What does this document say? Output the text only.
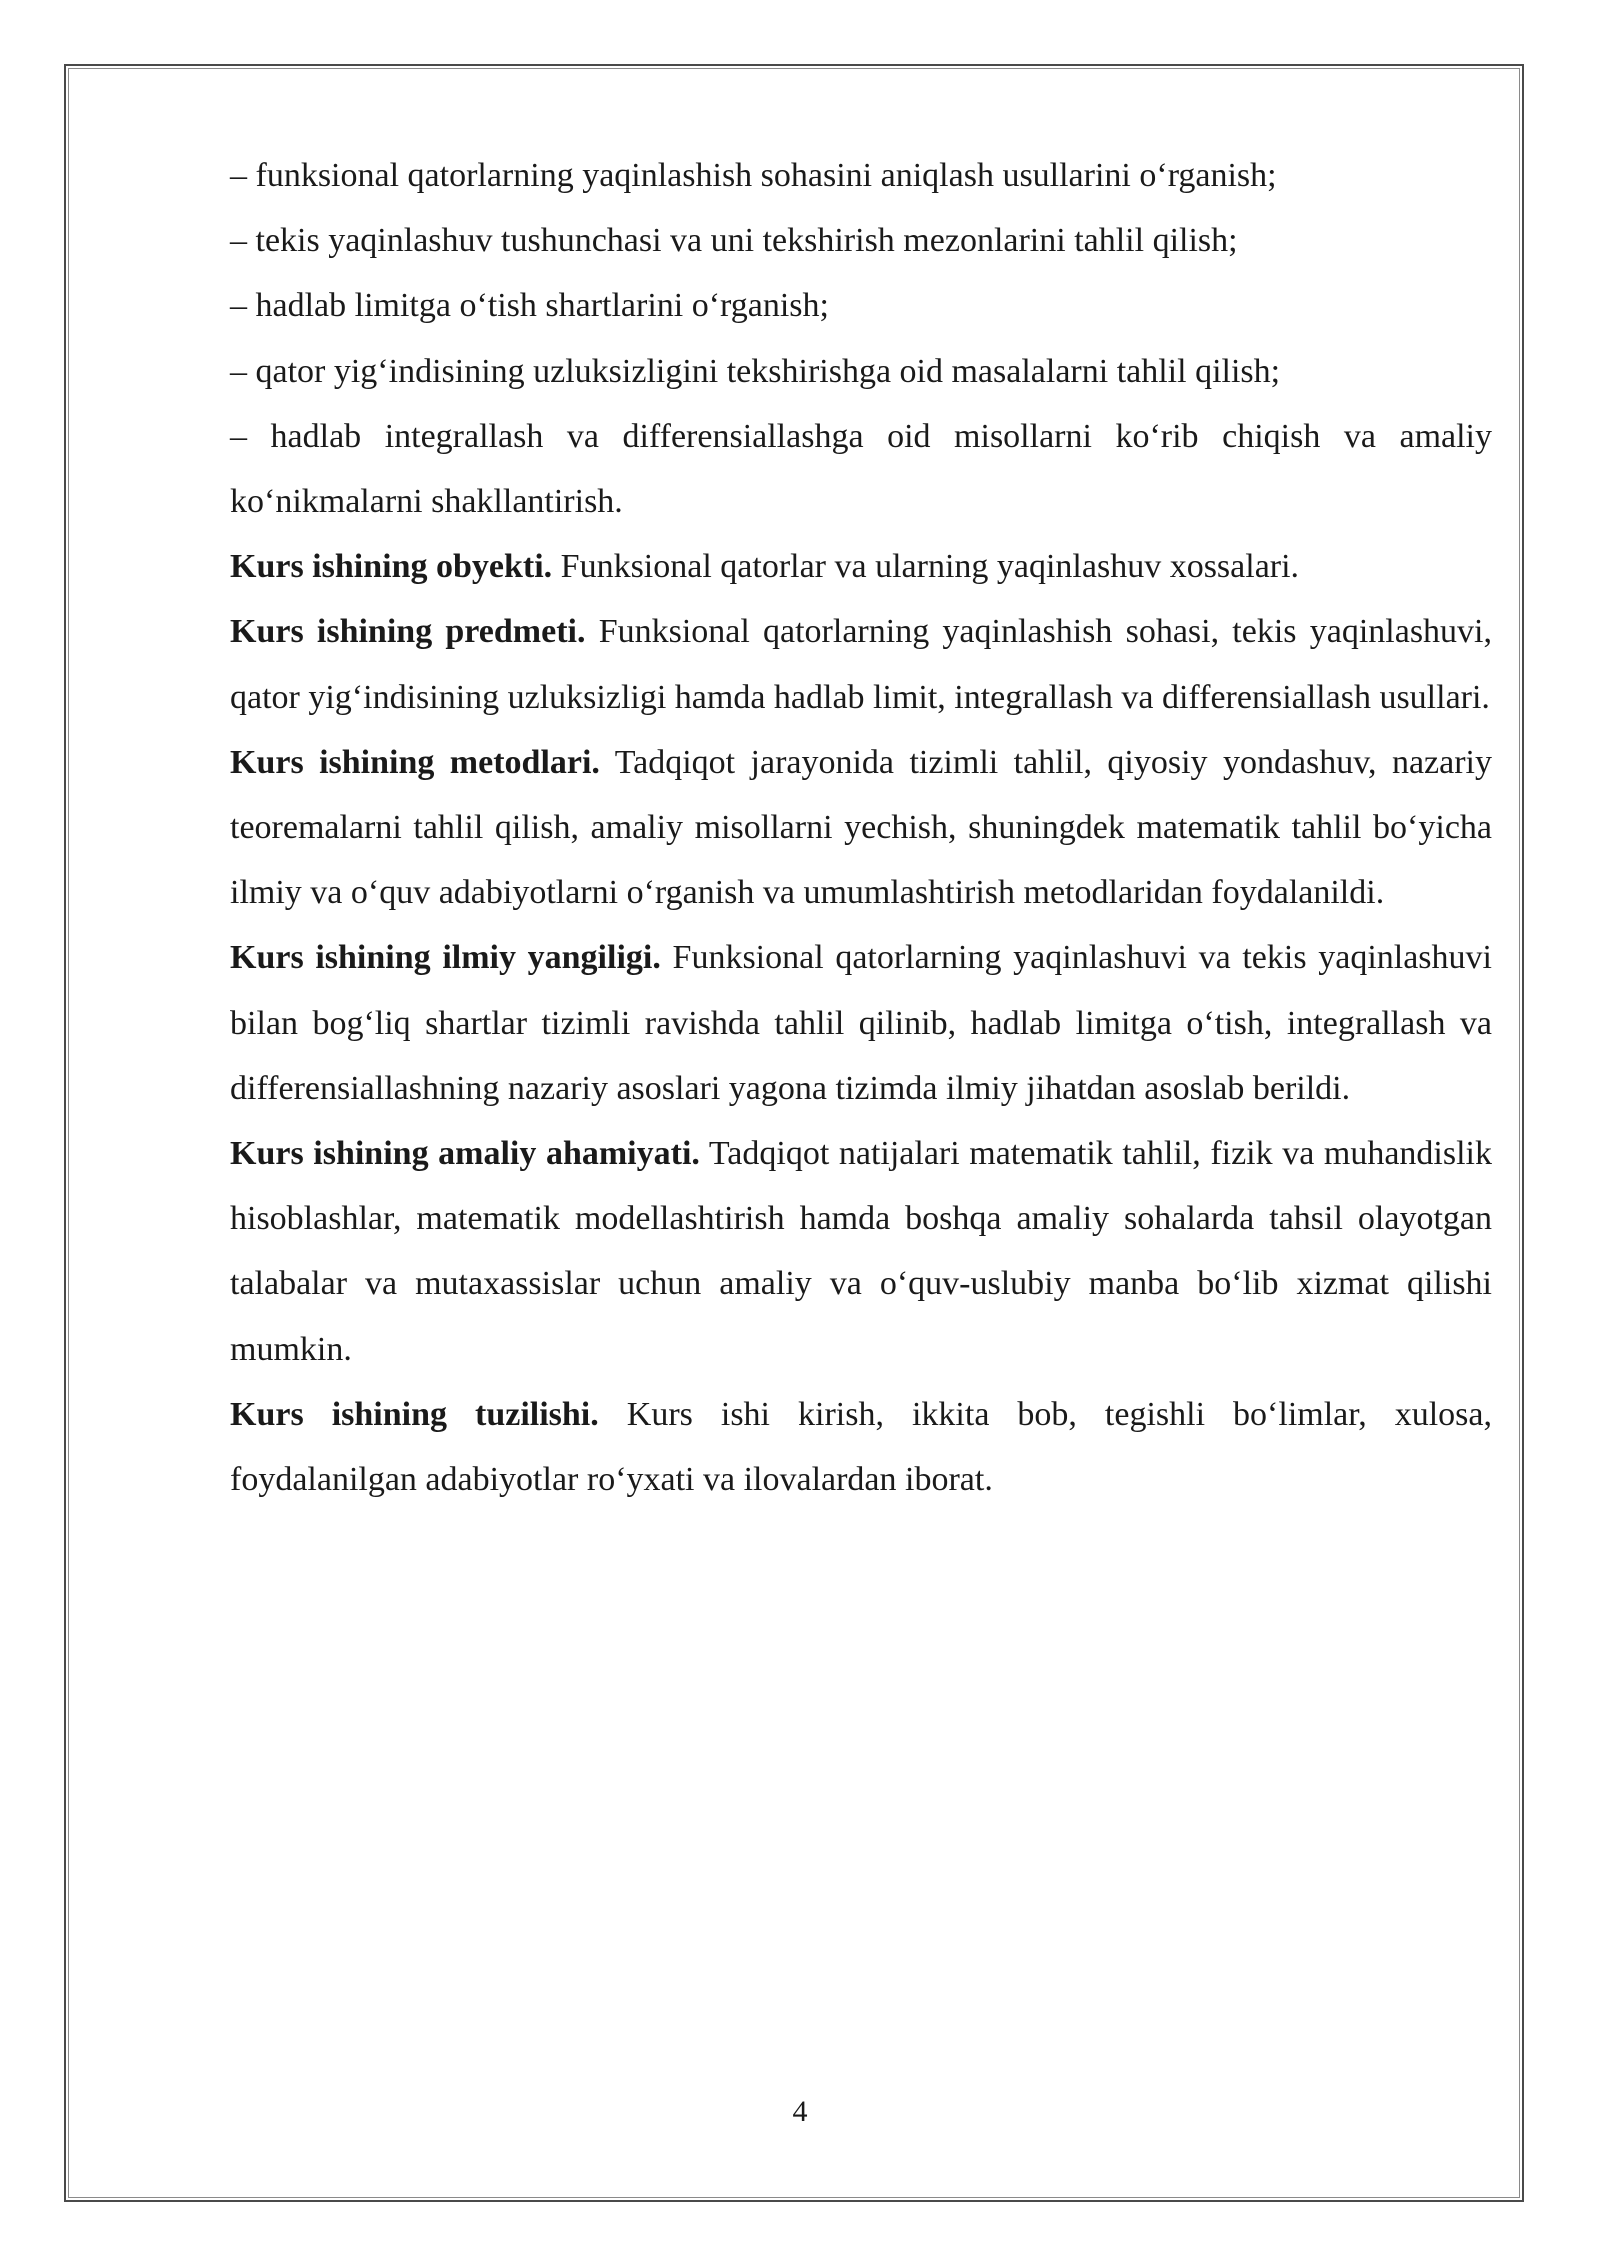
– funksional qatorlarning yaqinlashish sohasini aniqlash usullarini o‘rganish;

– tekis yaqinlashuv tushunchasi va uni tekshirish mezonlarini tahlil qilish;

– hadlab limitga o‘tish shartlarini o‘rganish;

– qator yig‘indisining uzluksizligini tekshirishga oid masalalarni tahlil qilish;

– hadlab integrallash va differensiallashga oid misollarni ko‘rib chiqish va amaliy ko‘nikmalarni shakllantirish.

Kurs ishining obyekti. Funksional qatorlar va ularning yaqinlashuv xossalari.

Kurs ishining predmeti. Funksional qatorlarning yaqinlashish sohasi, tekis yaqinlashuvi, qator yig‘indisining uzluksizligi hamda hadlab limit, integrallash va differensiallash usullari.

Kurs ishining metodlari. Tadqiqot jarayonida tizimli tahlil, qiyosiy yondashuv, nazariy teoremalarni tahlil qilish, amaliy misollarni yechish, shuningdek matematik tahlil bo‘yicha ilmiy va o‘quv adabiyotlarni o‘rganish va umumlashtirish metodlaridan foydalanildi.

Kurs ishining ilmiy yangiligi. Funksional qatorlarning yaqinlashuvi va tekis yaqinlashuvi bilan bog‘liq shartlar tizimli ravishda tahlil qilinib, hadlab limitga o‘tish, integrallash va differensiallashning nazariy asoslari yagona tizimda ilmiy jihatdan asoslab berildi.

Kurs ishining amaliy ahamiyati. Tadqiqot natijalari matematik tahlil, fizik va muhandislik hisoblashlar, matematik modellashtirish hamda boshqa amaliy sohalarda tahsil olayotgan talabalar va mutaxassislar uchun amaliy va o‘quv-uslubiy manba bo‘lib xizmat qilishi mumkin.

Kurs ishining tuzilishi. Kurs ishi kirish, ikkita bob, tegishli bo‘limlar, xulosa, foydalanilgan adabiyotlar ro‘yxati va ilovalardan iborat.

4
